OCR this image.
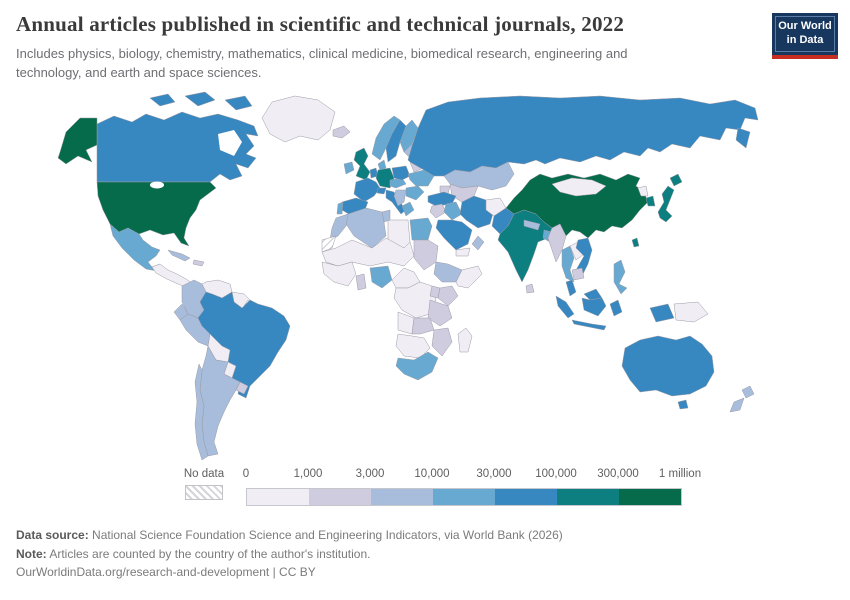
Annual articles published in scientific and technical journals, 2022
Includes physics, biology, chemistry, mathematics, clinical medicine, biomedical research, engineering and technology, and earth and space sciences.
Our World
in Data
No data 0	1,000	3,000	10,000 30,000 100,000 300,000 1 million
Data source: National Science Foundation Science and Engineering Indicators, via World Bank (2026)
Note: Articles are counted by the country of the author's institution.
OurWorldinData.org/research-and-development | CC BY
